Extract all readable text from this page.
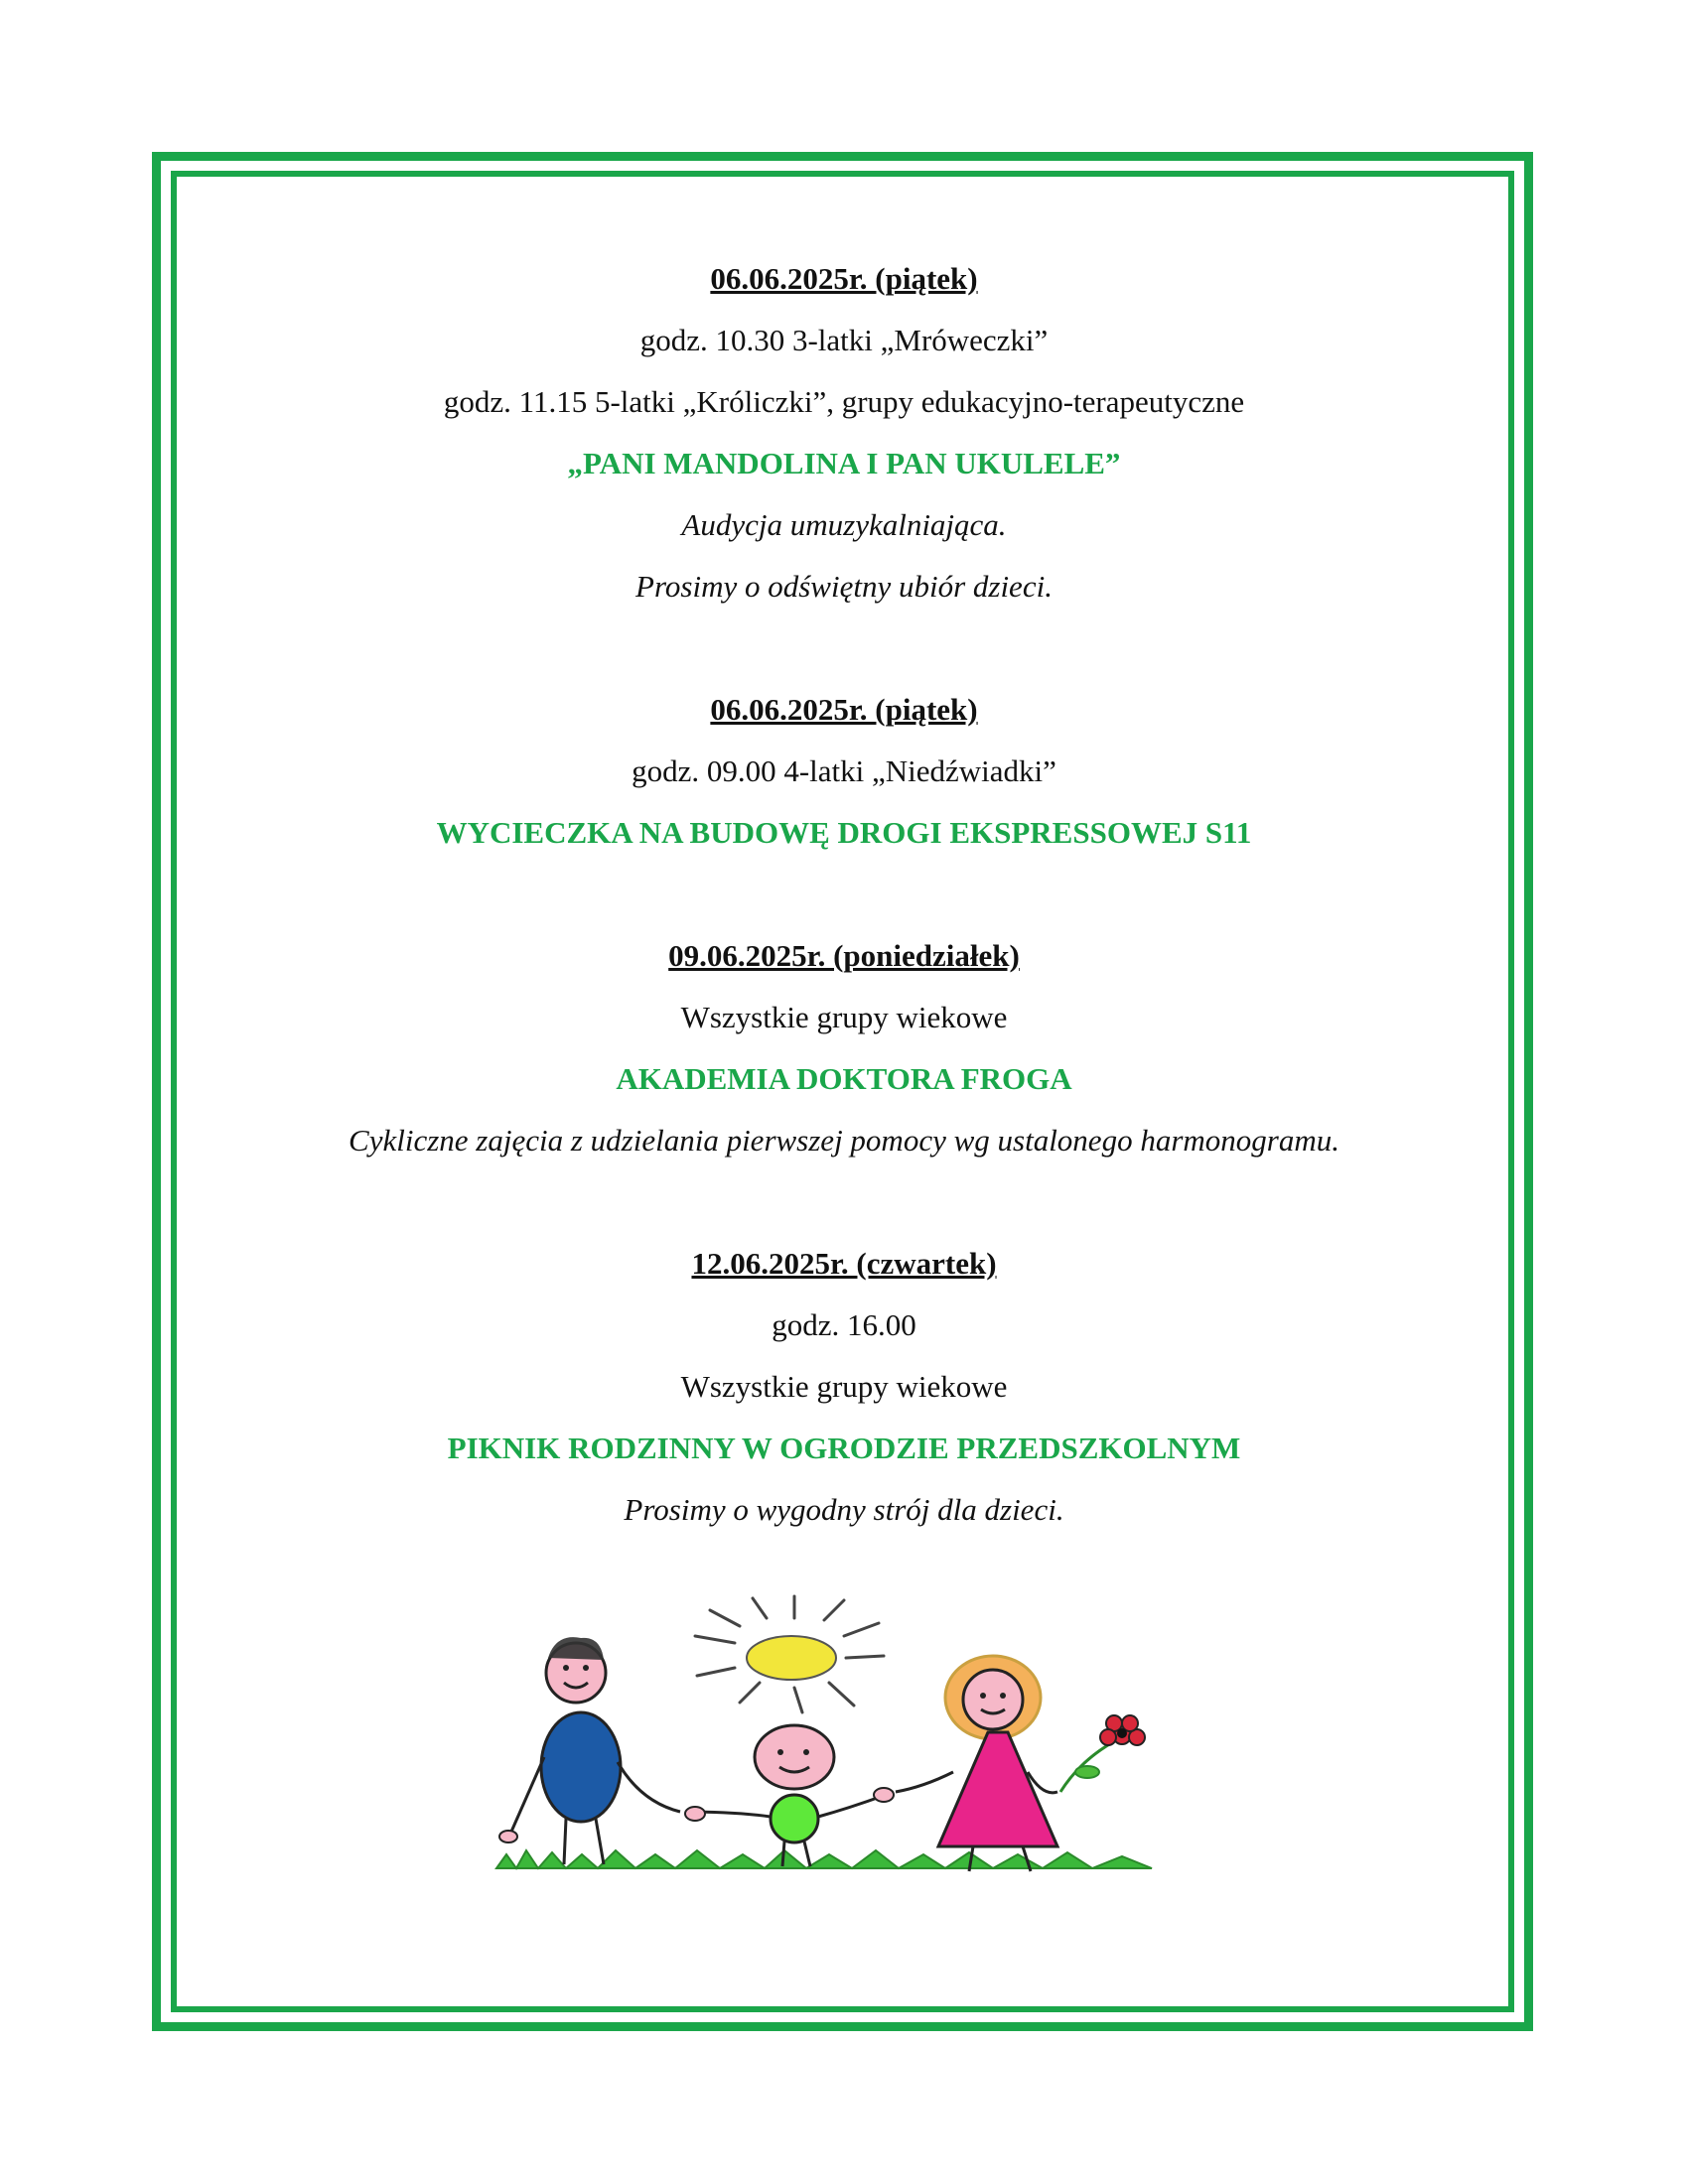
06.06.2025r. (piątek)

godz. 10.30 3-latki „Mróweczki”

godz. 11.15 5-latki „Króliczki”, grupy edukacyjno-terapeutyczne

„PANI MANDOLINA I PAN UKULELE”

Audycja umuzykalniająca.

Prosimy o odświętny ubiór dzieci.

06.06.2025r. (piątek)

godz. 09.00 4-latki „Niedźwiadki”

WYCIECZKA NA BUDOWĘ DROGI EKSPRESSOWEJ S11

09.06.2025r. (poniedziałek)

Wszystkie grupy wiekowe

AKADEMIA DOKTORA FROGA

Cykliczne zajęcia z udzielania pierwszej pomocy wg ustalonego harmonogramu.

12.06.2025r. (czwartek)

godz. 16.00

Wszystkie grupy wiekowe

PIKNIK RODZINNY W OGRODZIE PRZEDSZKOLNYM

Prosimy o wygodny strój dla dzieci.
